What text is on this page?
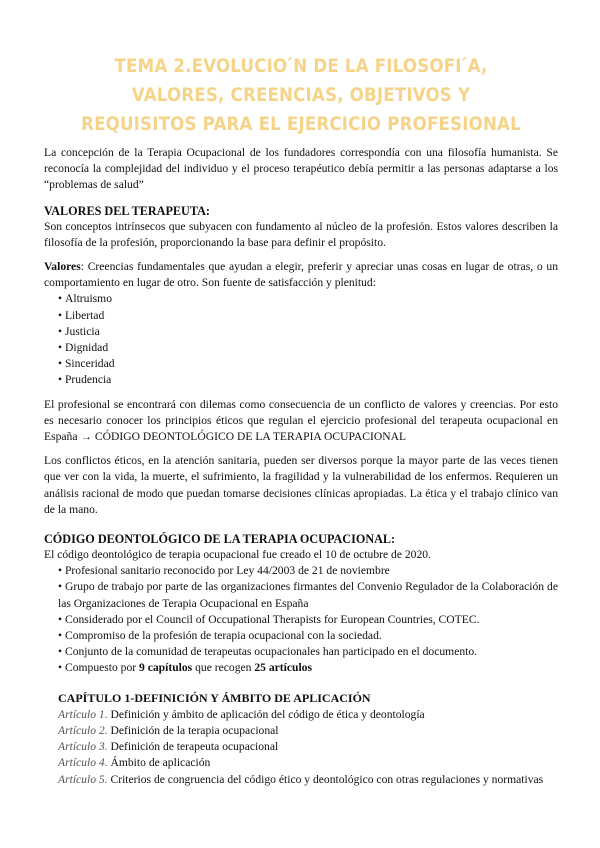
TEMA 2.EVOLUCIO ́N DE LA FILOSOFI ́A, VALORES, CREENCIAS, OBJETIVOS Y REQUISITOS PARA EL EJERCICIO PROFESIONAL

La concepción de la Terapia Ocupacional de los fundadores correspondía con una filosofía humanista. Se reconocía la complejidad del individuo y el proceso terapéutico debía permitir a las personas adaptarse a los “problemas de salud”

VALORES DEL TERAPEUTA:

Son conceptos intrínsecos que subyacen con fundamento al núcleo de la profesión. Estos valores describen la filosofía de la profesión, proporcionando la base para definir el propósito.

Valores: Creencias fundamentales que ayudan a elegir, preferir y apreciar unas cosas en lugar de otras, o un comportamiento en lugar de otro. Son fuente de satisfacción y plenitud:

• Altruismo
• Libertad
• Justicia
• Dignidad
• Sinceridad
• Prudencia

El profesional se encontrará con dilemas como consecuencia de un conflicto de valores y creencias. Por esto es necesario conocer los principios éticos que regulan el ejercicio profesional del terapeuta ocupacional en España → CÓDIGO DEONTOLÓGICO DE LA TERAPIA OCUPACIONAL

Los conflictos éticos, en la atención sanitaria, pueden ser diversos porque la mayor parte de las veces tienen que ver con la vida, la muerte, el sufrimiento, la fragilidad y la vulnerabilidad de los enfermos. Requieren un análisis racional de modo que puedan tomarse decisiones clínicas apropiadas. La ética y el trabajo clínico van de la mano.

CÓDIGO DEONTOLÓGICO DE LA TERAPIA OCUPACIONAL:

El código deontológico de terapia ocupacional fue creado el 10 de octubre de 2020.

• Profesional sanitario reconocido por Ley 44/2003 de 21 de noviembre
• Grupo de trabajo por parte de las organizaciones firmantes del Convenio Regulador de la Colaboración de las Organizaciones de Terapia Ocupacional en España
• Considerado por el Council of Occupational Therapists for European Countries, COTEC.
• Compromiso de la profesión de terapia ocupacional con la sociedad.
• Conjunto de la comunidad de terapeutas ocupacionales han participado en el documento.
• Compuesto por 9 capítulos que recogen 25 artículos
CAPÍTULO 1-DEFINICIÓN Y ÁMBITO DE APLICACIÓN

Artículo 1. Definición y ámbito de aplicación del código de ética y deontología

Artículo 2. Definición de la terapia ocupacional

Artículo 3. Definición de terapeuta ocupacional

Artículo 4. Ámbito de aplicación

Artículo 5. Criterios de congruencia del código ético y deontológico con otras regulaciones y normativas
